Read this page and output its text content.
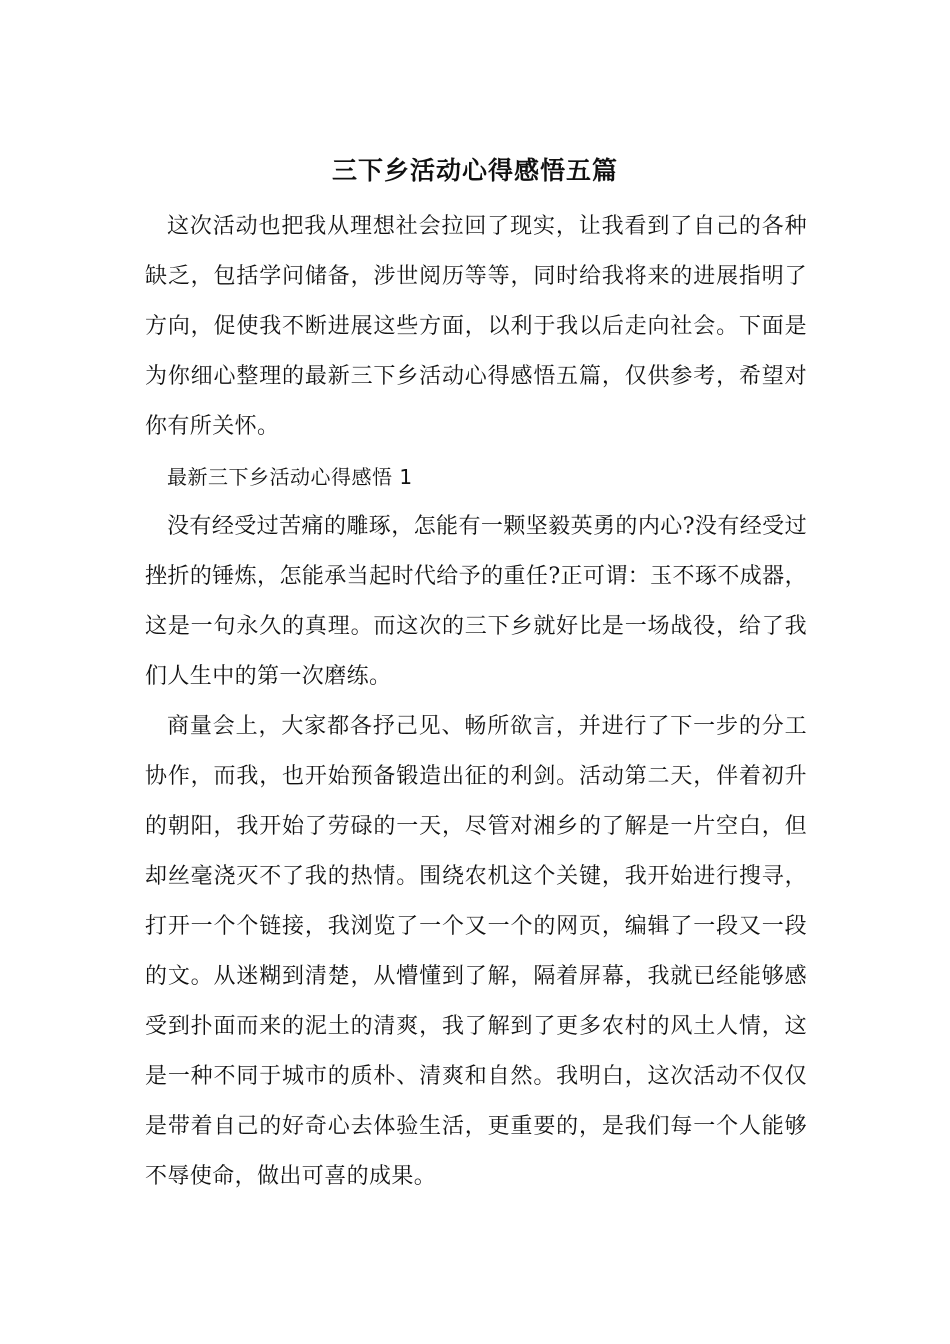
三下乡活动心得感悟五篇

这次活动也把我从理想社会拉回了现实，让我看到了自己的各种缺乏，包括学问储备，涉世阅历等等，同时给我将来的进展指明了方向，促使我不断进展这些方面，以利于我以后走向社会。下面是为你细心整理的最新三下乡活动心得感悟五篇，仅供参考，希望对你有所关怀。

最新三下乡活动心得感悟 1

没有经受过苦痛的雕琢，怎能有一颗坚毅英勇的内心?没有经受过挫折的锤炼，怎能承当起时代给予的重任?正可谓：玉不琢不成器，这是一句永久的真理。而这次的三下乡就好比是一场战役，给了我们人生中的第一次磨练。

商量会上，大家都各抒己见、畅所欲言，并进行了下一步的分工协作，而我，也开始预备锻造出征的利剑。活动第二天，伴着初升的朝阳，我开始了劳碌的一天，尽管对湘乡的了解是一片空白，但却丝毫浇灭不了我的热情。围绕农机这个关键，我开始进行搜寻，打开一个个链接，我浏览了一个又一个的网页，编辑了一段又一段的文。从迷糊到清楚，从懵懂到了解，隔着屏幕，我就已经能够感受到扑面而来的泥土的清爽，我了解到了更多农村的风土人情，这是一种不同于城市的质朴、清爽和自然。我明白，这次活动不仅仅是带着自己的好奇心去体验生活，更重要的，是我们每一个人能够不辱使命，做出可喜的成果。
